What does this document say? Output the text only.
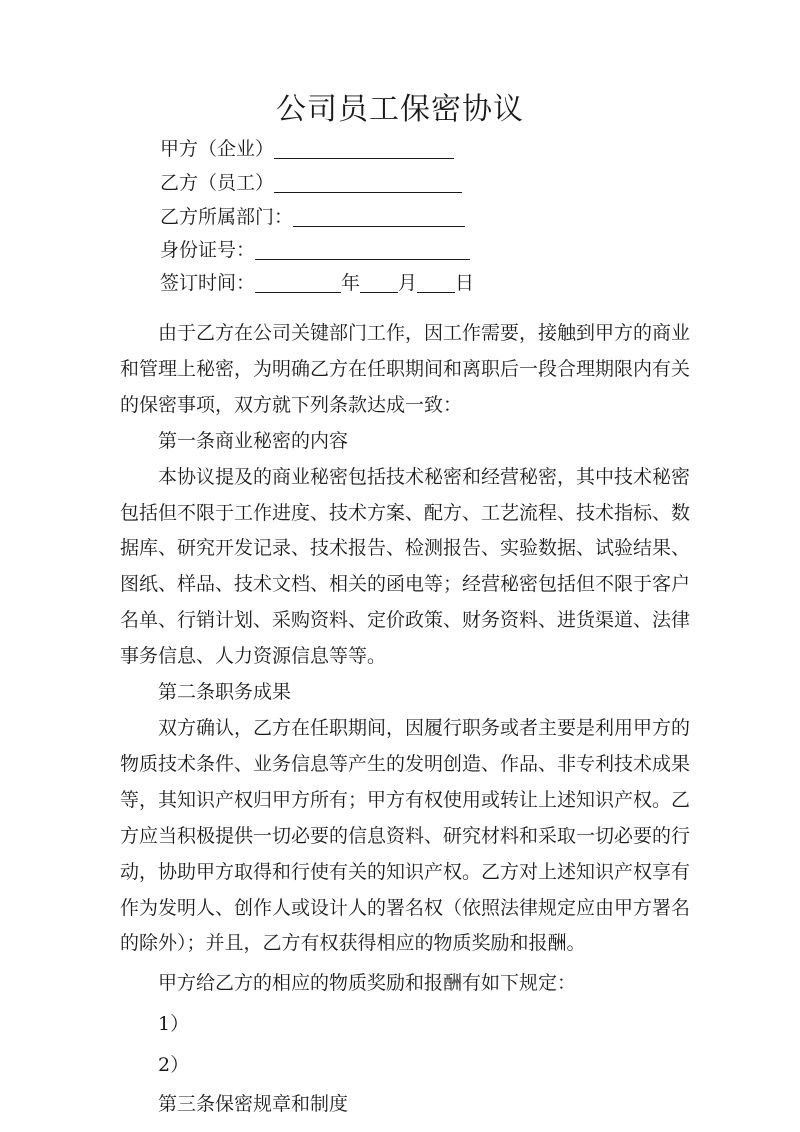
公司员工保密协议
甲方（企业）
乙方（员工）
乙方所属部门：
身份证号：
签订时间：	年 月 日

由于乙方在公司关键部门工作，因工作需要，接触到甲方的商业和管理上秘密，为明确乙方在任职期间和离职后一段合理期限内有关的保密事项，双方就下列条款达成一致：

第一条商业秘密的内容

本协议提及的商业秘密包括技术秘密和经营秘密，其中技术秘密包括但不限于工作进度、技术方案、配方、工艺流程、技术指标、数据库、研究开发记录、技术报告、检测报告、实验数据、试验结果、图纸、样品、技术文档、相关的函电等；经营秘密包括但不限于客户名单、行销计划、采购资料、定价政策、财务资料、进货渠道、法律事务信息、人力资源信息等等。

第二条职务成果

双方确认，乙方在任职期间，因履行职务或者主要是利用甲方的物质技术条件、业务信息等产生的发明创造、作品、非专利技术成果等，其知识产权归甲方所有；甲方有权使用或转让上述知识产权。乙方应当积极提供一切必要的信息资料、研究材料和采取一切必要的行动，协助甲方取得和行使有关的知识产权。乙方对上述知识产权享有作为发明人、创作人或设计人的署名权（依照法律规定应由甲方署名的除外）；并且，乙方有权获得相应的物质奖励和报酬。

甲方给乙方的相应的物质奖励和报酬有如下规定：

1）

2）

第三条保密规章和制度
